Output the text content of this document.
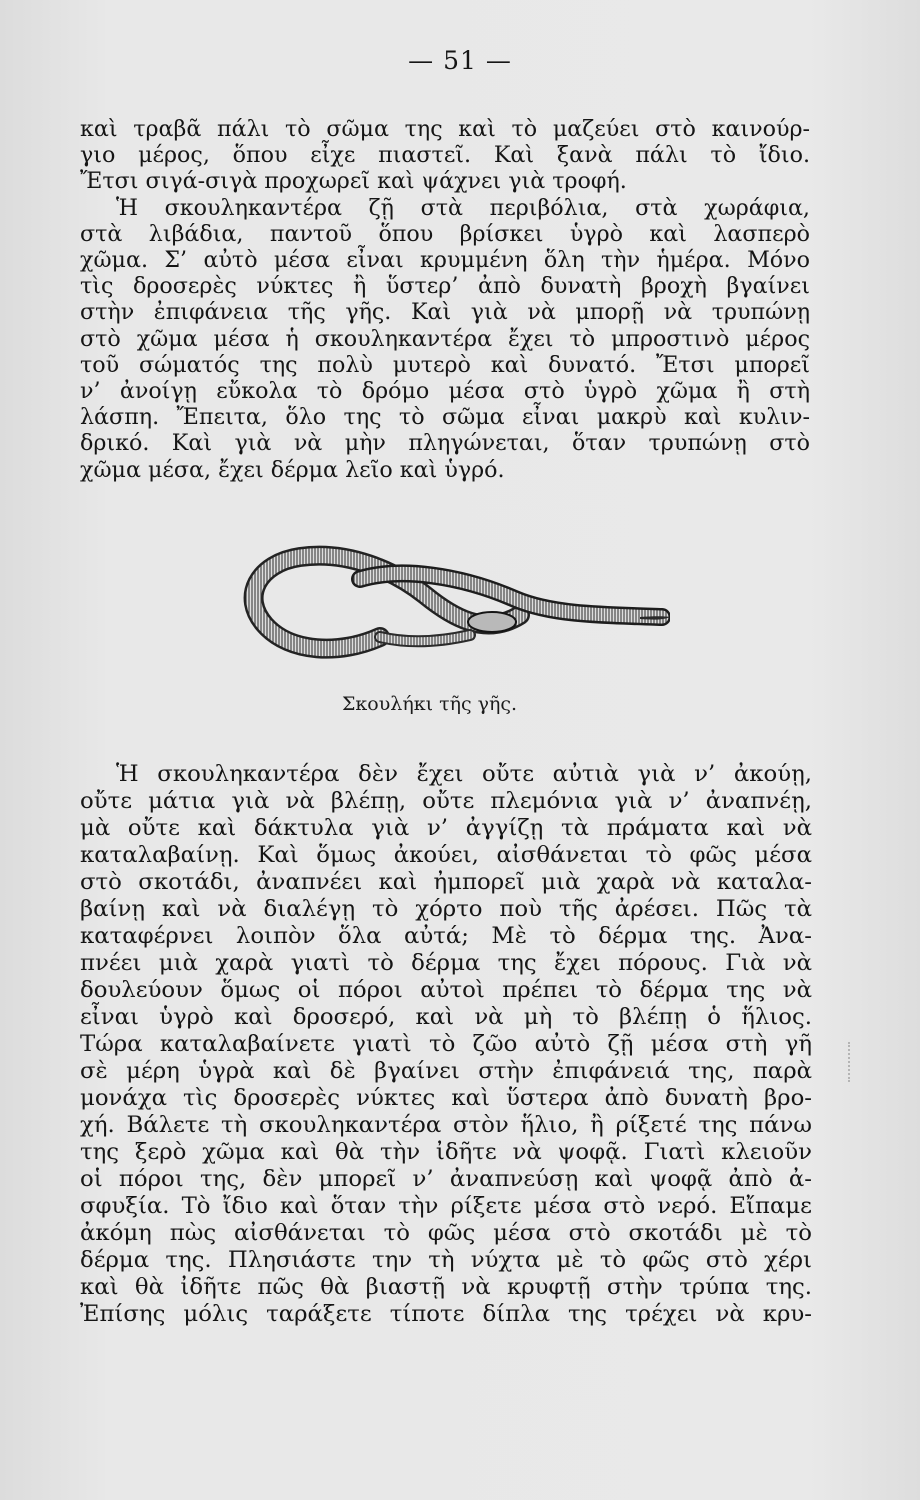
— 51 —
καὶ τραβᾶ πάλι τὸ σῶμα της καὶ τὸ μαζεύει στὸ καινούρ-
γιο μέρος, ὅπου εἶχε πιαστεῖ. Καὶ ξανὰ πάλι τὸ ἴδιο.
Ἔτσι σιγά-σιγὰ προχωρεῖ καὶ ψάχνει γιὰ τροφή.
Ἡ σκουληκαντέρα ζῇ στὰ περιβόλια, στὰ χωράφια,
στὰ λιβάδια, παντοῦ ὅπου βρίσκει ὑγρὸ καὶ λασπερὸ
χῶμα. Σ’ αὐτὸ μέσα εἶναι κρυμμένη ὅλη τὴν ἡμέρα. Μόνο
τὶς δροσερὲς νύκτες ἢ ὕστερ’ ἀπὸ δυνατὴ βροχὴ βγαίνει
στὴν ἐπιφάνεια τῆς γῆς. Καὶ γιὰ νὰ μπορῇ νὰ τρυπώνῃ
στὸ χῶμα μέσα ἡ σκουληκαντέρα ἔχει τὸ μπροστινὸ μέρος
τοῦ σώματός της πολὺ μυτερὸ καὶ δυνατό. Ἔτσι μπορεῖ
ν’ ἀνοίγῃ εὔκολα τὸ δρόμο μέσα στὸ ὑγρὸ χῶμα ἢ στὴ
λάσπη. Ἔπειτα, ὅλο της τὸ σῶμα εἶναι μακρὺ καὶ κυλιν-
δρικό. Καὶ γιὰ νὰ μὴν πληγώνεται, ὅταν τρυπώνῃ στὸ
χῶμα μέσα, ἔχει δέρμα λεῖο καὶ ὑγρό.
Σκουλήκι τῆς γῆς.
Ἡ σκουληκαντέρα δὲν ἔχει οὔτε αὐτιὰ γιὰ ν’ ἀκούῃ,
οὔτε μάτια γιὰ νὰ βλέπῃ, οὔτε πλεμόνια γιὰ ν’ ἀναπνέῃ,
μὰ οὔτε καὶ δάκτυλα γιὰ ν’ ἀγγίζῃ τὰ πράματα καὶ νὰ
καταλαβαίνῃ. Καὶ ὅμως ἀκούει, αἰσθάνεται τὸ φῶς μέσα
στὸ σκοτάδι, ἀναπνέει καὶ ἠμπορεῖ μιὰ χαρὰ νὰ καταλα-
βαίνῃ καὶ νὰ διαλέγῃ τὸ χόρτο ποὺ τῆς ἀρέσει. Πῶς τὰ
καταφέρνει λοιπὸν ὅλα αὐτά; Μὲ τὸ δέρμα της. Ἀνα-
πνέει μιὰ χαρὰ γιατὶ τὸ δέρμα της ἔχει πόρους. Γιὰ νὰ
δουλεύουν ὅμως οἱ πόροι αὐτοὶ πρέπει τὸ δέρμα της νὰ
εἶναι ὑγρὸ καὶ δροσερό, καὶ νὰ μὴ τὸ βλέπῃ ὁ ἥλιος.
Τώρα καταλαβαίνετε γιατὶ τὸ ζῶο αὐτὸ ζῇ μέσα στὴ γῆ
σὲ μέρη ὑγρὰ καὶ δὲ βγαίνει στὴν ἐπιφάνειά της, παρὰ
μονάχα τὶς δροσερὲς νύκτες καὶ ὕστερα ἀπὸ δυνατὴ βρο-
χή. Βάλετε τὴ σκουληκαντέρα στὸν ἥλιο, ἢ ρίξετέ της πάνω
της ξερὸ χῶμα καὶ θὰ τὴν ἰδῆτε νὰ ψοφᾷ. Γιατὶ κλειοῦν
οἱ πόροι της, δὲν μπορεῖ ν’ ἀναπνεύσῃ καὶ ψοφᾷ ἀπὸ ἀ-
σφυξία. Τὸ ἴδιο καὶ ὅταν τὴν ρίξετε μέσα στὸ νερό. Εἴπαμε
ἀκόμη πὼς αἰσθάνεται τὸ φῶς μέσα στὸ σκοτάδι μὲ τὸ
δέρμα της. Πλησιάστε την τὴ νύχτα μὲ τὸ φῶς στὸ χέρι
καὶ θὰ ἰδῆτε πῶς θὰ βιαστῇ νὰ κρυφτῇ στὴν τρύπα της.
Ἐπίσης μόλις ταράξετε τίποτε δίπλα της τρέχει νὰ κρυ-
